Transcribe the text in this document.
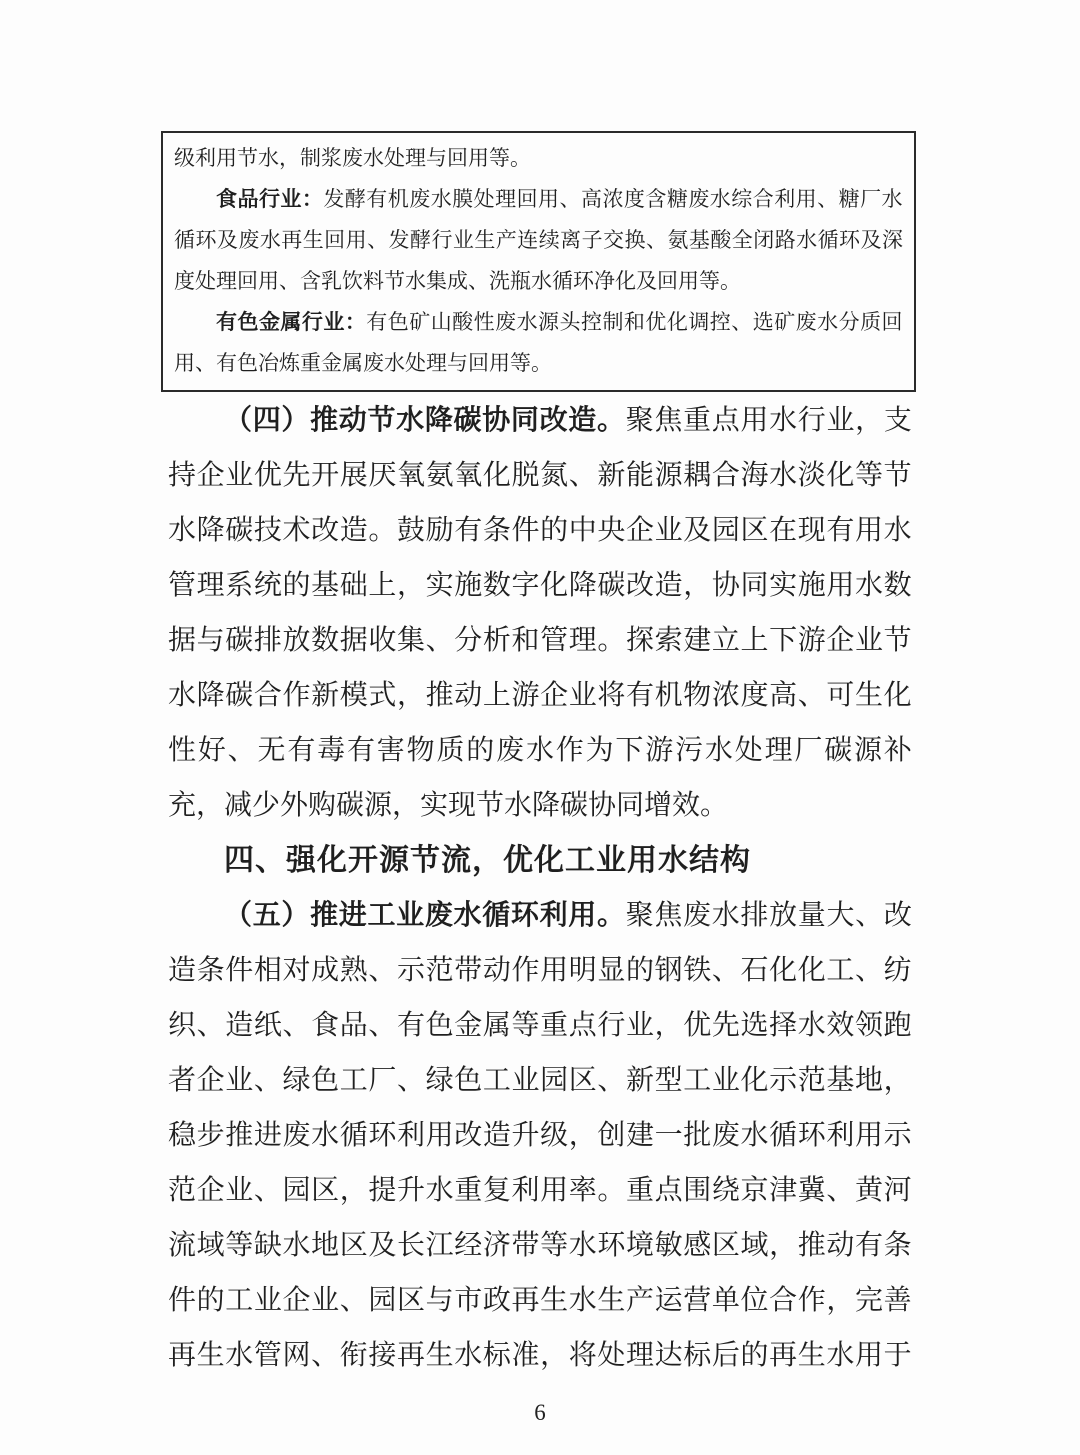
级利用节水，制浆废水处理与回用等。
食 品 行 业 ： 发 酵 有 机 废 水 膜 处 理 回 用 、 高 浓 度 含 糖 废 水 综 合 利 用 、 糖 厂 水
循 环 及 废 水 再 生 回 用 、 发 酵 行 业 生 产 连 续 离 子 交 换 、 氨 基 酸 全 闭 路 水 循 环 及 深
度处理回用、含乳饮料节水集成、洗瓶水循环净化及回用等。
有 色 金 属 行 业 ： 有 色 矿 山 酸 性 废 水 源 头 控 制 和 优 化 调 控 、 选 矿 废 水 分 质 回
用、有色冶炼重金属废水处理与回用等。
（ 四 ） 推 动 节 水 降 碳 协 同 改 造 。 聚 焦 重 点 用 水 行 业 ， 支
持 企 业 优 先 开 展 厌 氧 氨 氧 化 脱 氮 、 新 能 源 耦 合 海 水 淡 化 等 节
水 降 碳 技 术 改 造 。 鼓 励 有 条 件 的 中 央 企 业 及 园 区 在 现 有 用 水
管 理 系 统 的 基 础 上 ， 实 施 数 字 化 降 碳 改 造 ， 协 同 实 施 用 水 数
据 与 碳 排 放 数 据 收 集 、 分 析 和 管 理 。 探 索 建 立 上 下 游 企 业 节
水 降 碳 合 作 新 模 式 ， 推 动 上 游 企 业 将 有 机 物 浓 度 高 、 可 生 化
性 好 、 无 有 毒 有 害 物 质 的 废 水 作 为 下 游 污 水 处 理 厂 碳 源 补
充，减少外购碳源，实现节水降碳协同增效。
四、强化开源节流，优化工业用水结构
（ 五 ） 推 进 工 业 废 水 循 环 利 用 。 聚 焦 废 水 排 放 量 大 、 改
造 条 件 相 对 成 熟 、 示 范 带 动 作 用 明 显 的 钢 铁 、 石 化 化 工 、 纺
织 、 造 纸 、 食 品 、 有 色 金 属 等 重 点 行 业 ， 优 先 选 择 水 效 领 跑
者 企 业 、 绿 色 工 厂 、 绿 色 工 业 园 区 、 新 型 工 业 化 示 范 基 地 ，
稳 步 推 进 废 水 循 环 利 用 改 造 升 级 ， 创 建 一 批 废 水 循 环 利 用 示
范 企 业 、 园 区 ， 提 升 水 重 复 利 用 率 。 重 点 围 绕 京 津 冀 、 黄 河
流 域 等 缺 水 地 区 及 长 江 经 济 带 等 水 环 境 敏 感 区 域 ， 推 动 有 条
件 的 工 业 企 业 、 园 区 与 市 政 再 生 水 生 产 运 营 单 位 合 作 ， 完 善
再 生 水 管 网 、 衔 接 再 生 水 标 准 ， 将 处 理 达 标 后 的 再 生 水 用 于
6
